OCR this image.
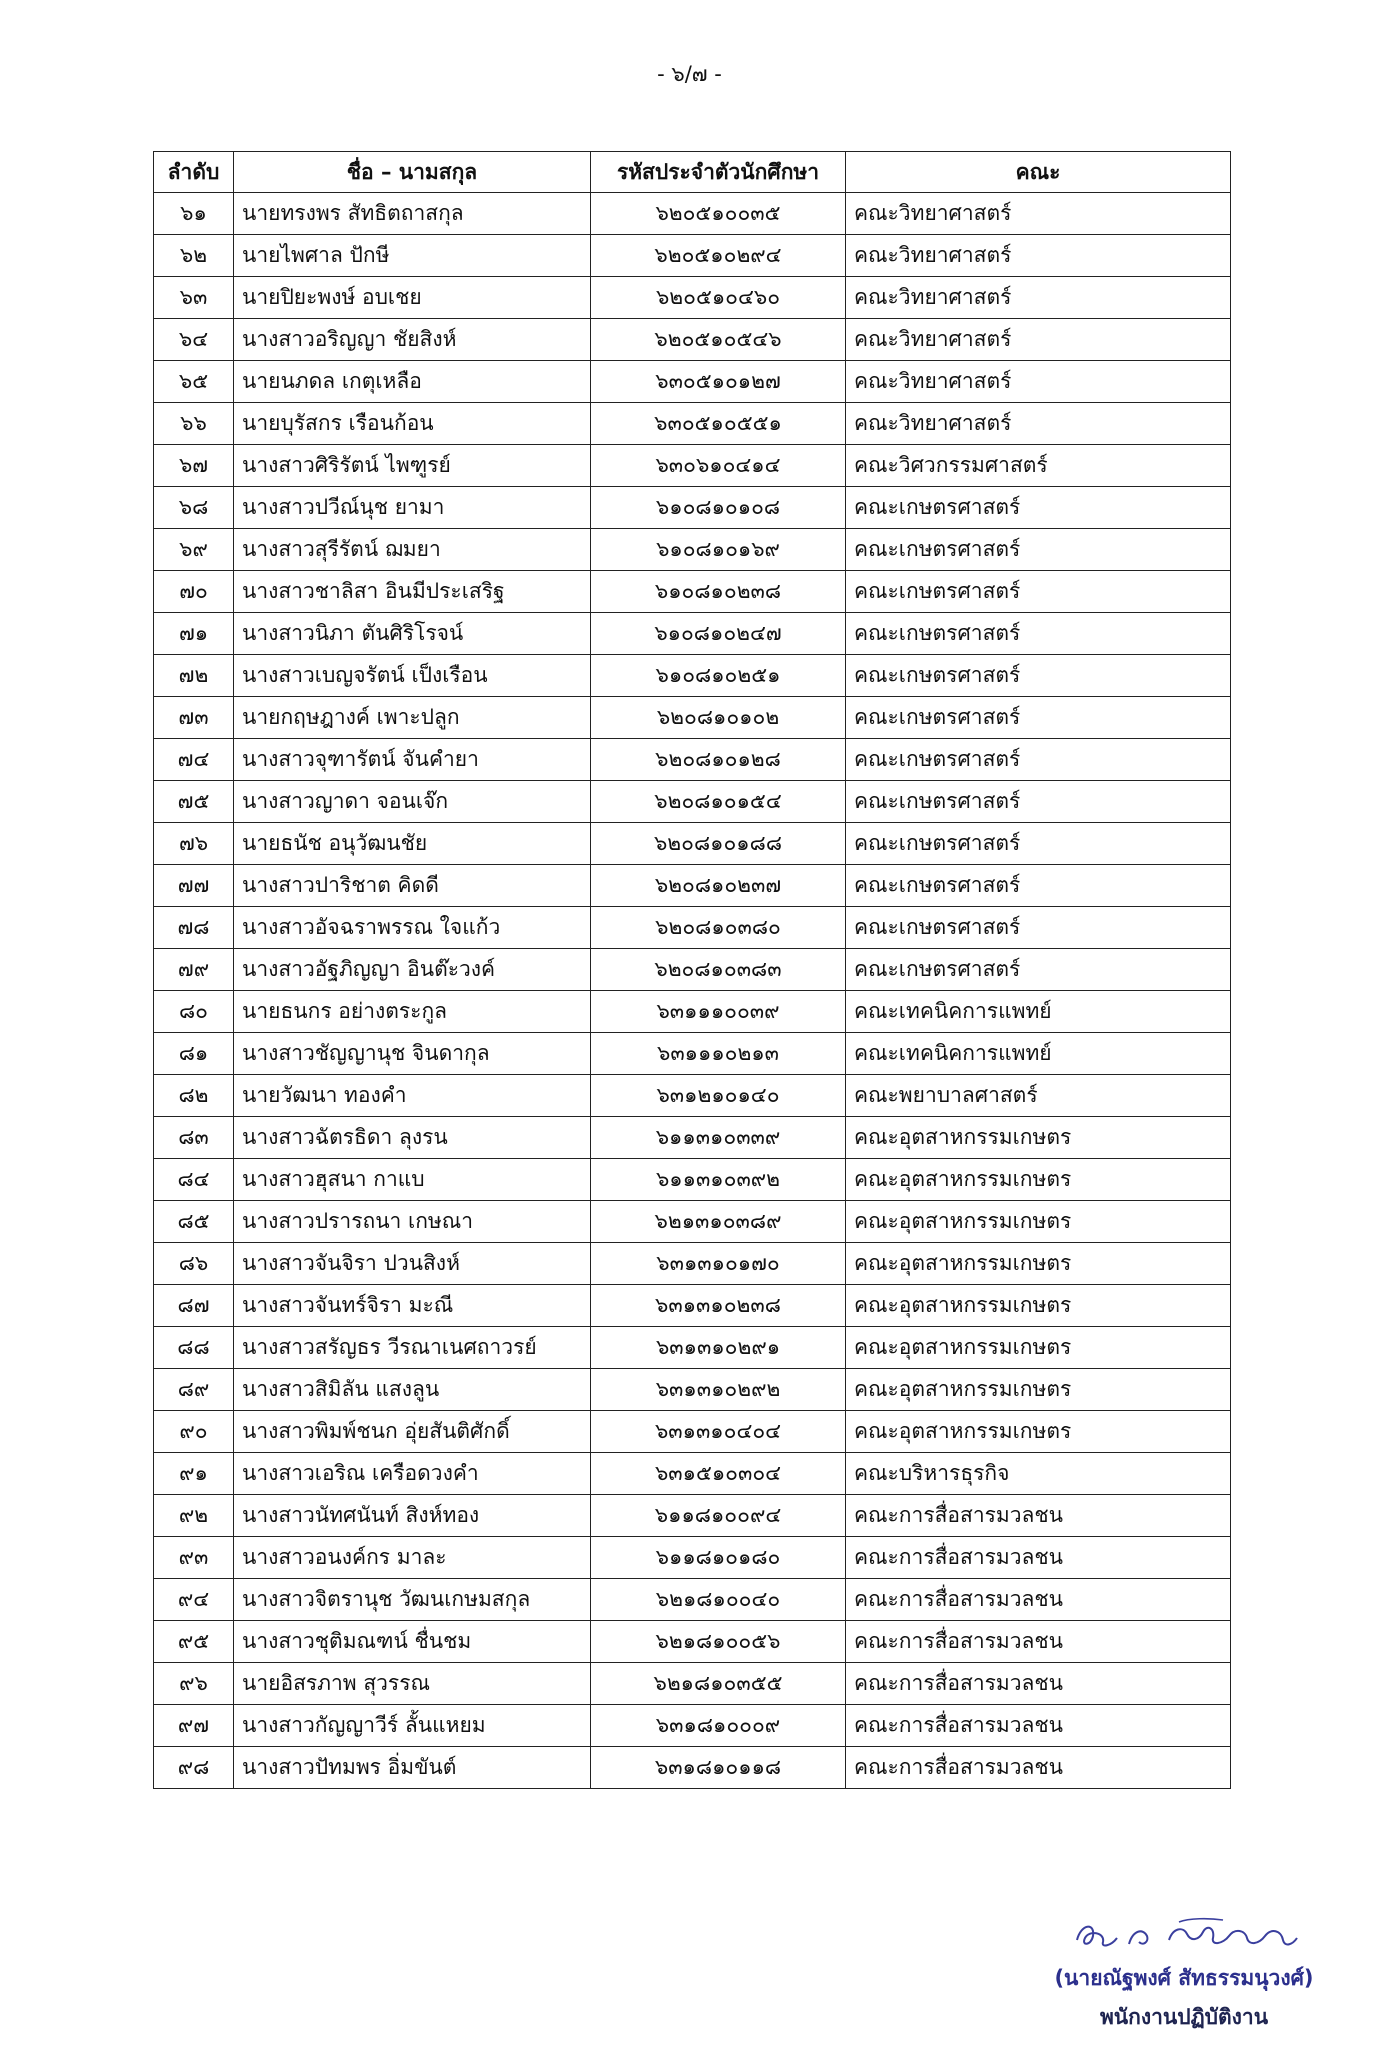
- ๖/๗ -
ลำดับ	ชื่อ – นามสกุล	รหัสประจำตัวนักศึกษา	คณะ
๖๑	นายทรงพร สัทธิตถาสกุล	๖๒๐๕๑๐๐๓๕	คณะวิทยาศาสตร์
๖๒	นายไพศาล ปักษี	๖๒๐๕๑๐๒๙๔	คณะวิทยาศาสตร์
๖๓	นายปิยะพงษ์ อบเชย	๖๒๐๕๑๐๔๖๐	คณะวิทยาศาสตร์
๖๔	นางสาวอริญญา ชัยสิงห์	๖๒๐๕๑๐๕๔๖	คณะวิทยาศาสตร์
๖๕	นายนภดล เกตุเหลือ	๖๓๐๕๑๐๑๒๗	คณะวิทยาศาสตร์
๖๖	นายบุรัสกร เรือนก้อน	๖๓๐๕๑๐๕๕๑	คณะวิทยาศาสตร์
๖๗	นางสาวศิริรัตน์ ไพฑูรย์	๖๓๐๖๑๐๔๑๔	คณะวิศวกรรมศาสตร์
๖๘	นางสาวปวีณ์นุช ยามา	๖๑๐๘๑๐๑๐๘	คณะเกษตรศาสตร์
๖๙	นางสาวสุรีรัตน์ ฌมยา	๖๑๐๘๑๐๑๖๙	คณะเกษตรศาสตร์
๗๐	นางสาวชาลิสา อินมีประเสริฐ	๖๑๐๘๑๐๒๓๘	คณะเกษตรศาสตร์
๗๑	นางสาวนิภา ตันศิริโรจน์	๖๑๐๘๑๐๒๔๗	คณะเกษตรศาสตร์
๗๒	นางสาวเบญจรัตน์ เป็งเรือน	๖๑๐๘๑๐๒๕๑	คณะเกษตรศาสตร์
๗๓	นายกฤษฎางค์ เพาะปลูก	๖๒๐๘๑๐๑๐๒	คณะเกษตรศาสตร์
๗๔	นางสาวจุฑารัตน์ จันคำยา	๖๒๐๘๑๐๑๒๘	คณะเกษตรศาสตร์
๗๕	นางสาวญาดา จอนเจ๊ก	๖๒๐๘๑๐๑๕๔	คณะเกษตรศาสตร์
๗๖	นายธนัช อนุวัฒนชัย	๖๒๐๘๑๐๑๘๘	คณะเกษตรศาสตร์
๗๗	นางสาวปาริชาต คิดดี	๖๒๐๘๑๐๒๓๗	คณะเกษตรศาสตร์
๗๘	นางสาวอัจฉราพรรณ ใจแก้ว	๖๒๐๘๑๐๓๘๐	คณะเกษตรศาสตร์
๗๙	นางสาวอัฐภิญญา อินต๊ะวงค์	๖๒๐๘๑๐๓๘๓	คณะเกษตรศาสตร์
๘๐	นายธนกร อย่างตระกูล	๖๓๑๑๑๐๐๓๙	คณะเทคนิคการแพทย์
๘๑	นางสาวชัญญานุช จินดากุล	๖๓๑๑๑๐๒๑๓	คณะเทคนิคการแพทย์
๘๒	นายวัฒนา ทองคำ	๖๓๑๒๑๐๑๔๐	คณะพยาบาลศาสตร์
๘๓	นางสาวฉัตรธิดา ลุงรน	๖๑๑๓๑๐๓๓๙	คณะอุตสาหกรรมเกษตร
๘๔	นางสาวฮุสนา กาแบ	๖๑๑๓๑๐๓๙๒	คณะอุตสาหกรรมเกษตร
๘๕	นางสาวปรารถนา เกษณา	๖๒๑๓๑๐๓๘๙	คณะอุตสาหกรรมเกษตร
๘๖	นางสาวจันจิรา ปวนสิงห์	๖๓๑๓๑๐๑๗๐	คณะอุตสาหกรรมเกษตร
๘๗	นางสาวจันทร์จิรา มะณี	๖๓๑๓๑๐๒๓๘	คณะอุตสาหกรรมเกษตร
๘๘	นางสาวสรัญธร วีรณาเนศถาวรย์	๖๓๑๓๑๐๒๙๑	คณะอุตสาหกรรมเกษตร
๘๙	นางสาวสิมิลัน แสงลูน	๖๓๑๓๑๐๒๙๒	คณะอุตสาหกรรมเกษตร
๙๐	นางสาวพิมพ์ชนก อุ่ยสันติศักดิ์	๖๓๑๓๑๐๔๐๔	คณะอุตสาหกรรมเกษตร
๙๑	นางสาวเอริณ เครือดวงคำ	๖๓๑๕๑๐๓๐๔	คณะบริหารธุรกิจ
๙๒	นางสาวนัทศนันท์ สิงห์ทอง	๖๑๑๘๑๐๐๙๔	คณะการสื่อสารมวลชน
๙๓	นางสาวอนงค์กร มาละ	๖๑๑๘๑๐๑๘๐	คณะการสื่อสารมวลชน
๙๔	นางสาวจิตรานุช วัฒนเกษมสกุล	๖๒๑๘๑๐๐๔๐	คณะการสื่อสารมวลชน
๙๕	นางสาวชุติมณฑน์ ชื่นชม	๖๒๑๘๑๐๐๕๖	คณะการสื่อสารมวลชน
๙๖	นายอิสรภาพ สุวรรณ	๖๒๑๘๑๐๓๕๕	คณะการสื่อสารมวลชน
๙๗	นางสาวกัญญาวีร์ ลั้นแหยม	๖๓๑๘๑๐๐๐๙	คณะการสื่อสารมวลชน
๙๘	นางสาวปัทมพร อิ่มขันต์	๖๓๑๘๑๐๑๑๘	คณะการสื่อสารมวลชน
(นายณัฐพงศ์ สัทธรรมนุวงศ์)
พนักงานปฏิบัติงาน
